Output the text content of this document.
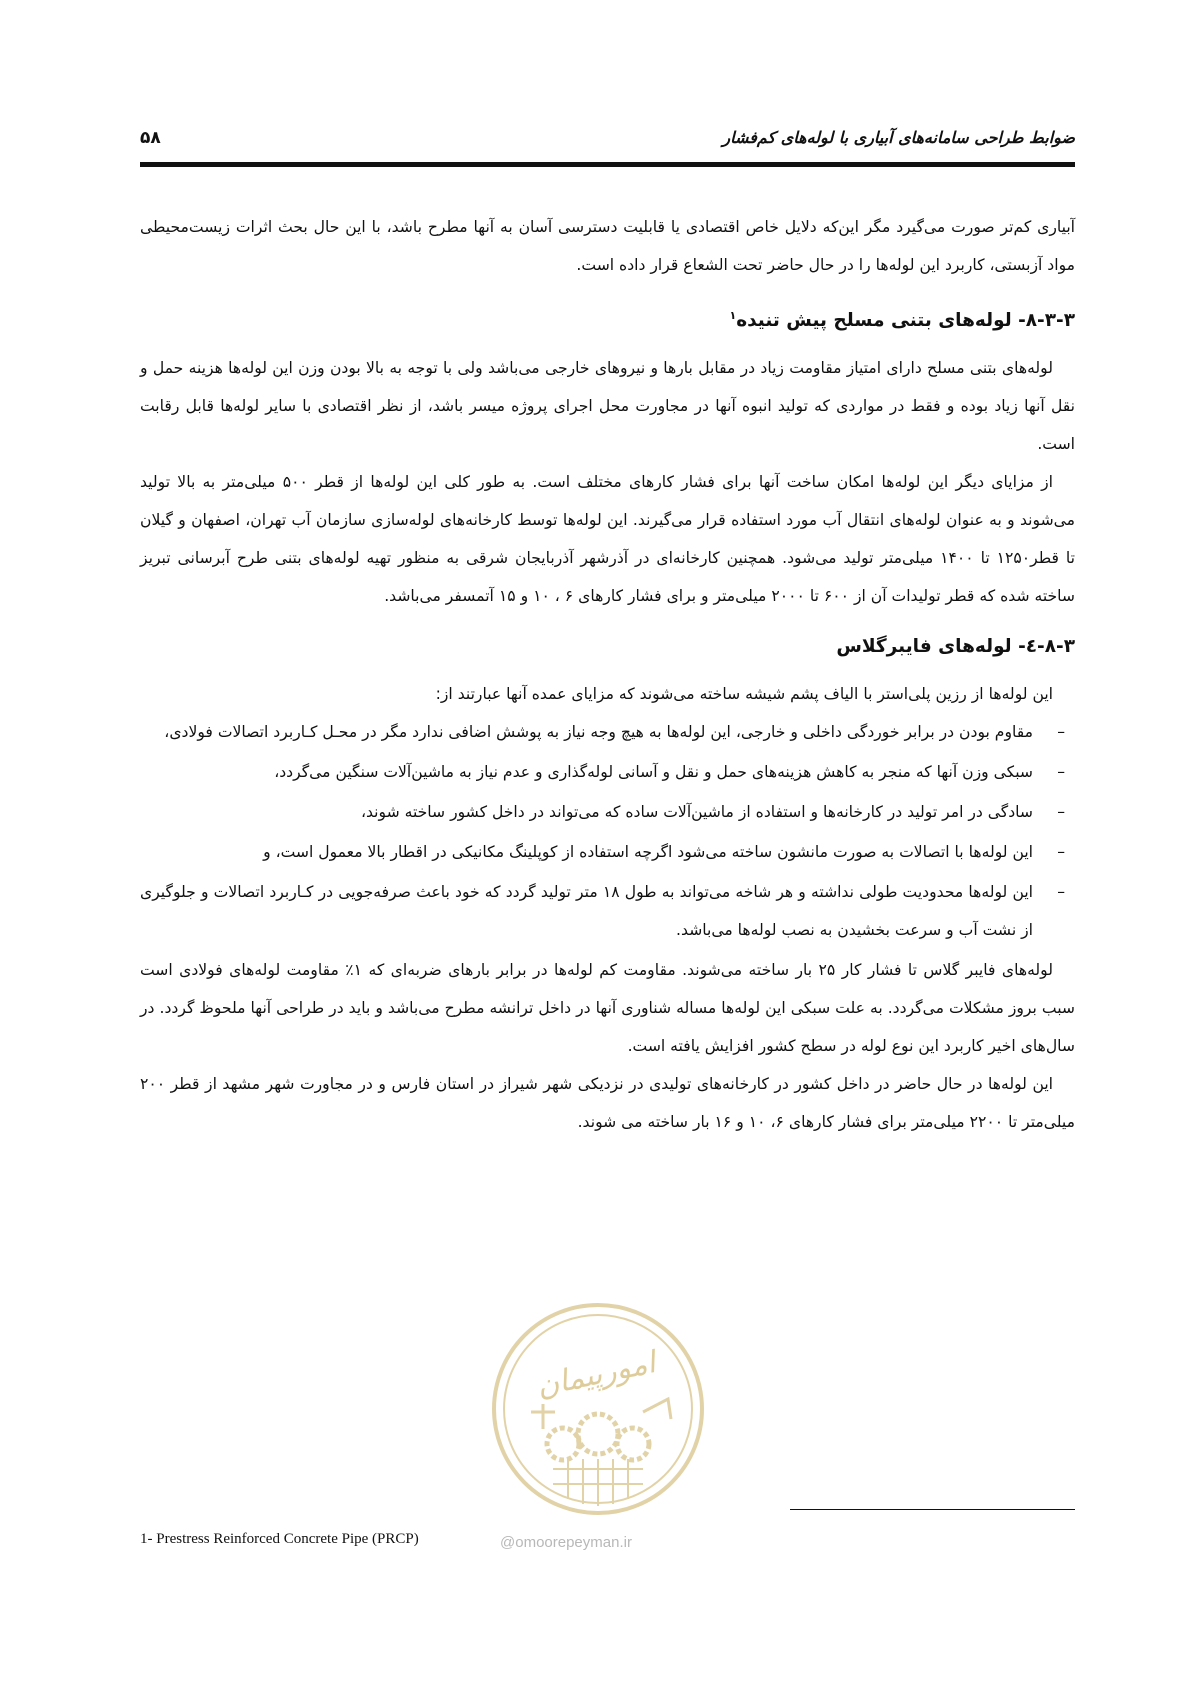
۵۸	ضوابط طراحی سامانه‌های آبیاری با لوله‌های کم‌فشار

آبیاری کم‌تر صورت می‌گیرد مگر این‌که دلایل خاص اقتصادی یا قابلیت دسترسی آسان به آنها مطرح باشد، با این حال بحث اثرات زیست‌محیطی مواد آزبستی، کاربرد این لوله‌ها را در حال حاضر تحت الشعاع قرار داده است.

۸-۳-۳- لوله‌های بتنی مسلح پیش تنیده$^۱$

لوله‌های بتنی مسلح دارای امتیاز مقاومت زیاد در مقابل بارها و نیروهای خارجی می‌باشد ولی با توجه به بالا بودن وزن این لوله‌ها هزینه حمل و نقل آنها زیاد بوده و فقط در مواردی که تولید انبوه آنها در مجاورت محل اجرای پروژه میسر باشد، از نظر اقتصادی با سایر لوله‌ها قابل رقابت است.

از مزایای دیگر این لوله‌ها امکان ساخت آنها برای فشار کارهای مختلف است. به طور کلی این لوله‌ها از قطر ۵۰۰ میلی‌متر به بالا تولید می‌شوند و به عنوان لوله‌های انتقال آب مورد استفاده قرار می‌گیرند. این لوله‌ها توسط کارخانه‌های لوله‌سازی سازمان آب تهران، اصفهان و گیلان تا قطر۱۲۵۰ تا ۱۴۰۰ میلی‌متر تولید می‌شود. همچنین کارخانه‌ای در آذرشهر آذربایجان شرقی به منظور تهیه لوله‌های بتنی طرح آبرسانی تبریز ساخته شده که قطر تولیدات آن از ۶۰۰ تا ۲۰۰۰ میلی‌متر و برای فشار کارهای ۶ ، ۱۰ و ۱۵ آتمسفر می‌باشد.

۸-۳-٤- لوله‌های فایبرگلاس

این لوله‌ها از رزین پلی‌استر با الیاف پشم شیشه ساخته می‌شوند که مزایای عمده آنها عبارتند از:

–
مقاوم بودن در برابر خوردگی داخلی و خارجی، این لوله‌ها به هیچ وجه نیاز به پوشش اضافی ندارد مگر در محـل کـاربرد اتصالات فولادی،
–
سبکی وزن آنها که منجر به کاهش هزینه‌های حمل و نقل و آسانی لوله‌گذاری و عدم نیاز به ماشین‌آلات سنگین می‌گردد،
–
سادگی در امر تولید در کارخانه‌ها و استفاده از ماشین‌آلات ساده که می‌تواند در داخل کشور ساخته شوند،
–
این لوله‌ها با اتصالات به صورت مانشون ساخته می‌شود اگرچه استفاده از کوپلینگ مکانیکی در اقطار بالا معمول است، و
–
این لوله‌ها محدودیت طولی نداشته و هر شاخه می‌تواند به طول ۱۸ متر تولید گردد که خود باعث صرفه‌جویی در کـاربرد اتصالات و جلوگیری از نشت آب و سرعت بخشیدن به نصب لوله‌ها می‌باشد.

لوله‌های فایبر گلاس تا فشار کار ۲۵ بار ساخته می‌شوند. مقاومت کم لوله‌ها در برابر بارهای ضربه‌ای که ۱٪ مقاومت لوله‌های فولادی است سبب بروز مشکلات می‌گردد. به علت سبکی این لوله‌ها مساله شناوری آنها در داخل ترانشه مطرح می‌باشد و باید در طراحی آنها ملحوظ گردد. در سال‌های اخیر کاربرد این نوع لوله در سطح کشور افزایش یافته است.

این لوله‌ها در حال حاضر در داخل کشور در کارخانه‌های تولیدی در نزدیکی شهر شیراز در استان فارس و در مجاورت شهر مشهد از قطر ۲۰۰ میلی‌متر تا ۲۲۰۰ میلی‌متر برای فشار کارهای ۶، ۱۰ و ۱۶ بار ساخته می شوند.

امورپیمان
@omoorepeyman.ir
1- Prestress Reinforced Concrete Pipe (PRCP)
